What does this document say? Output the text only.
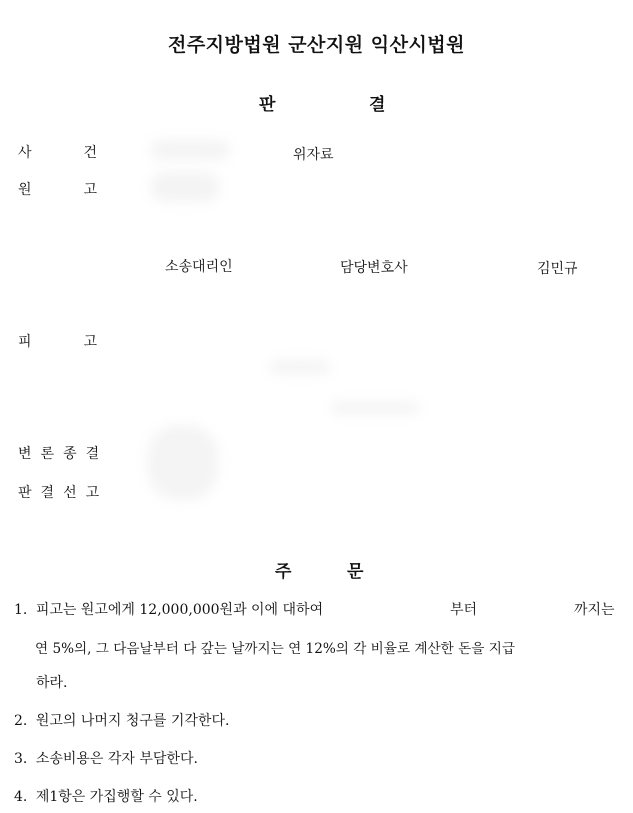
전주지방법원 군산지원 익산시법원
판	결
사	건	위자료
원	고
소송대리인	담당변호사	김민규
피	고
변 론 종 결
판 결 선 고
주	문
1. 피고는 원고에게 12,000,000원과 이에 대하여	부터	까지는
연 5%의, 그 다음날부터 다 갚는 날까지는 연 12%의 각 비율로 계산한 돈을 지급
하라.
2. 원고의 나머지 청구를 기각한다.
3. 소송비용은 각자 부담한다.
4. 제1항은 가집행할 수 있다.
